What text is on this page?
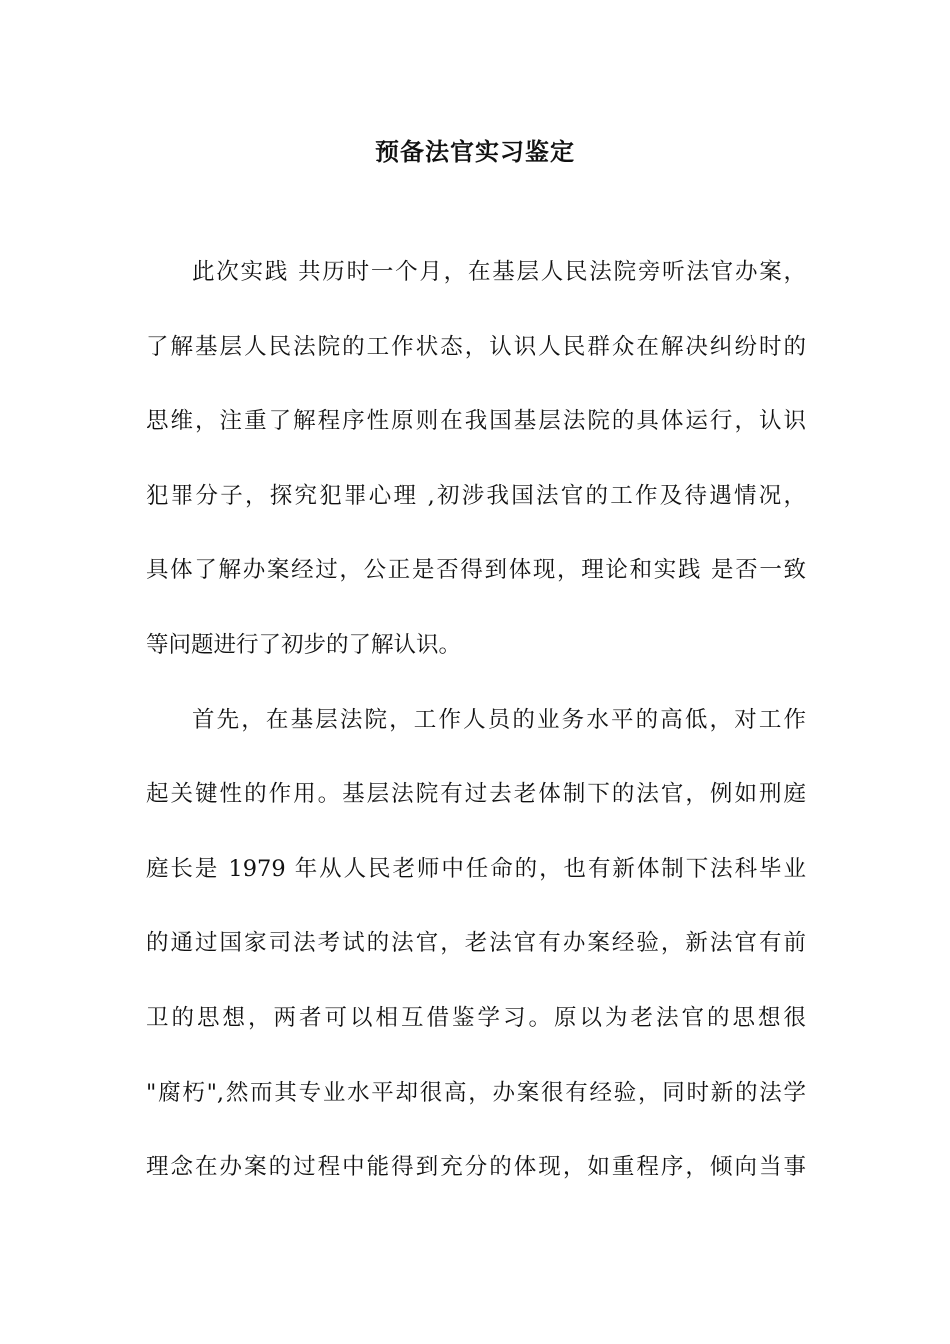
预备法官实习鉴定
此次实践 共历时一个月，在基层人民法院旁听法官办案，
了解基层人民法院的工作状态，认识人民群众在解决纠纷时的
思维，注重了解程序性原则在我国基层法院的具体运行，认识
犯罪分子，探究犯罪心理 ,初涉我国法官的工作及待遇情况，
具体了解办案经过，公正是否得到体现，理论和实践 是否一致
等问题进行了初步的了解认识。
首先，在基层法院，工作人员的业务水平的高低，对工作
起关键性的作用。基层法院有过去老体制下的法官，例如刑庭
庭长是 1979 年从人民老师中任命的，也有新体制下法科毕业
的通过国家司法考试的法官，老法官有办案经验，新法官有前
卫的思想，两者可以相互借鉴学习。原以为老法官的思想很
"腐朽",然而其专业水平却很高，办案很有经验，同时新的法学
理念在办案的过程中能得到充分的体现，如重程序，倾向当事
